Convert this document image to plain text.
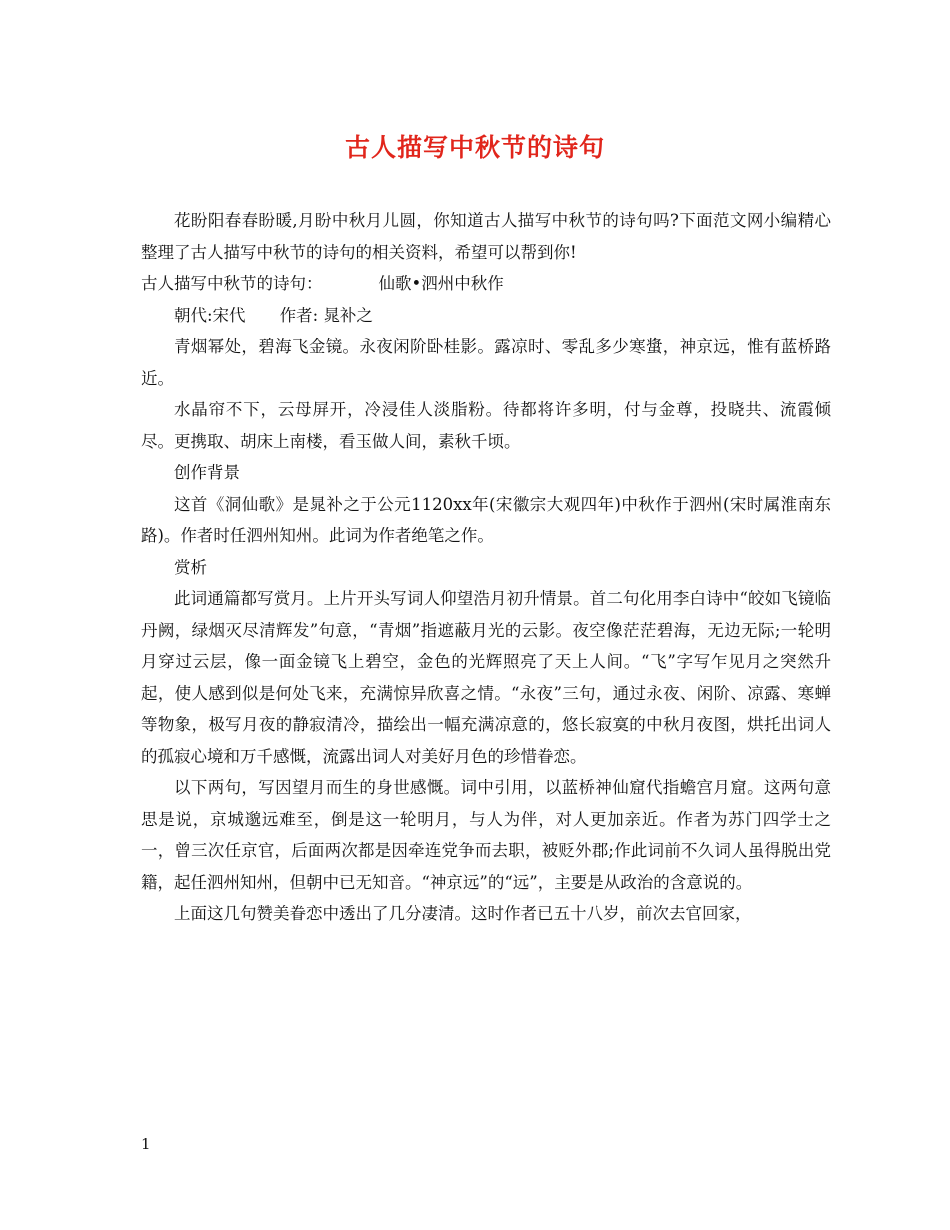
古人描写中秋节的诗句

花盼阳春春盼暖,月盼中秋月儿圆，你知道古人描写中秋节的诗句吗?下面范文网小编精心整理了古人描写中秋节的诗句的相关资料，希望可以帮到你!

古人描写中秋节的诗句：	仙歌•泗州中秋作

朝代:宋代 作者: 晁补之

青烟幂处，碧海飞金镜。永夜闲阶卧桂影。露凉时、零乱多少寒螀，神京远，惟有蓝桥路近。

水晶帘不下，云母屏开，冷浸佳人淡脂粉。待都将许多明，付与金尊，投晓共、流霞倾尽。更携取、胡床上南楼，看玉做人间，素秋千顷。

创作背景

这首《洞仙歌》是晁补之于公元1120xx年(宋徽宗大观四年)中秋作于泗州(宋时属淮南东路)。作者时任泗州知州。此词为作者绝笔之作。

赏析

此词通篇都写赏月。上片开头写词人仰望浩月初升情景。首二句化用李白诗中“皎如飞镜临丹阙，绿烟灭尽清辉发”句意，“青烟”指遮蔽月光的云影。夜空像茫茫碧海，无边无际;一轮明月穿过云层，像一面金镜飞上碧空，金色的光辉照亮了天上人间。“飞”字写乍见月之突然升起，使人感到似是何处飞来，充满惊异欣喜之情。“永夜”三句，通过永夜、闲阶、凉露、寒蝉等物象，极写月夜的静寂清冷，描绘出一幅充满凉意的，悠长寂寞的中秋月夜图，烘托出词人的孤寂心境和万千感慨，流露出词人对美好月色的珍惜眷恋。

以下两句，写因望月而生的身世感慨。词中引用，以蓝桥神仙窟代指蟾宫月窟。这两句意思是说，京城邈远难至，倒是这一轮明月，与人为伴，对人更加亲近。作者为苏门四学士之一，曾三次任京官，后面两次都是因牵连党争而去职，被贬外郡;作此词前不久词人虽得脱出党籍，起任泗州知州，但朝中已无知音。“神京远”的“远”，主要是从政治的含意说的。

上面这几句赞美眷恋中透出了几分凄清。这时作者已五十八岁，前次去官回家，

1
